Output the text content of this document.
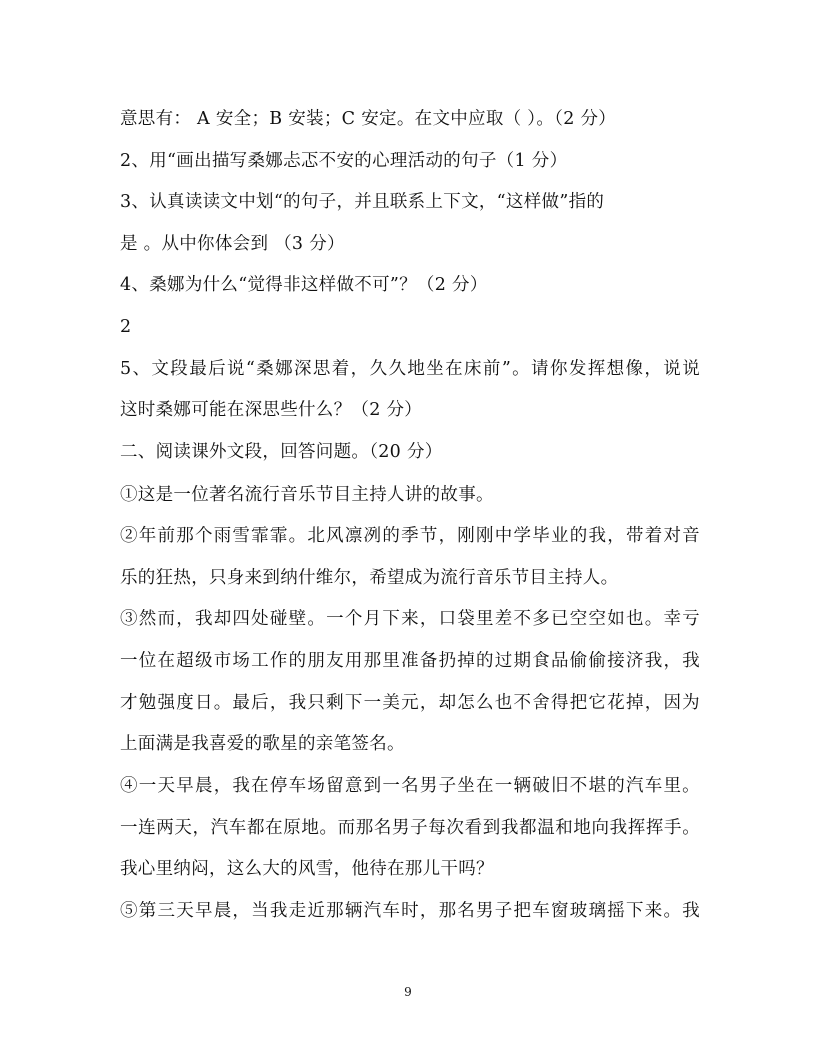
意思有： A 安全；B 安装；C 安定。在文中应取（ ）。（2 分）
2、用“画出描写桑娜忐忑不安的心理活动的句子（1 分）
3、认真读读文中划“的句子，并且联系上下文，“这样做”指的
是 。从中你体会到 （3 分）
4、桑娜为什么“觉得非这样做不可”？（2 分）
2
5、文段最后说“桑娜深思着，久久地坐在床前”。请你发挥想像，说说
这时桑娜可能在深思些什么？（2 分）
二、阅读课外文段，回答问题。（20 分）
①这是一位著名流行音乐节目主持人讲的故事。
②年前那个雨雪霏霏。北风凛冽的季节，刚刚中学毕业的我，带着对音
乐的狂热，只身来到纳什维尔，希望成为流行音乐节目主持人。
③然而，我却四处碰壁。一个月下来，口袋里差不多已空空如也。幸亏
一位在超级市场工作的朋友用那里准备扔掉的过期食品偷偷接济我，我
才勉强度日。最后，我只剩下一美元，却怎么也不舍得把它花掉，因为
上面满是我喜爱的歌星的亲笔签名。
④一天早晨，我在停车场留意到一名男子坐在一辆破旧不堪的汽车里。
一连两天，汽车都在原地。而那名男子每次看到我都温和地向我挥挥手。
我心里纳闷，这么大的风雪，他待在那儿干吗？
⑤第三天早晨，当我走近那辆汽车时，那名男子把车窗玻璃摇下来。我
9
